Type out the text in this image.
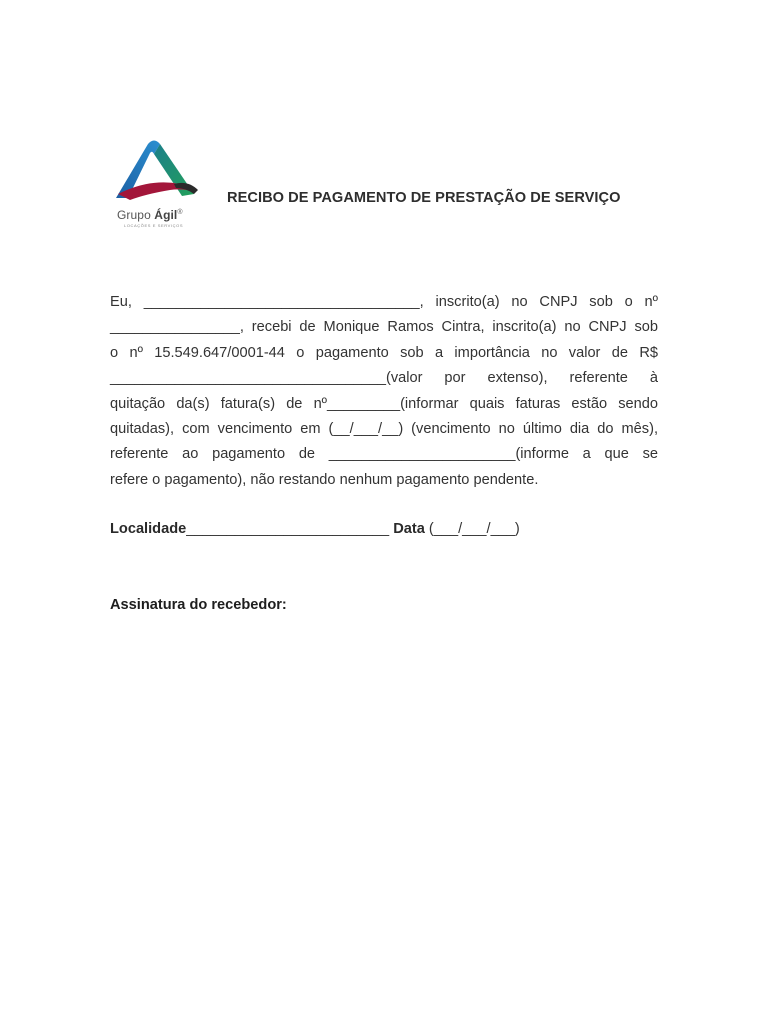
Grupo Ágil®
LOCAÇÕES E SERVIÇOS
RECIBO DE PAGAMENTO DE PRESTAÇÃO DE SERVIÇO
Eu, __________________________________, inscrito(a) no CNPJ sob o nº
________________, recebi de Monique Ramos Cintra, inscrito(a) no CNPJ sob
o nº 15.549.647/0001-44 o pagamento sob a importância no valor de R$
__________________________________(valor por extenso), referente à
quitação da(s) fatura(s) de nº_________(informar quais faturas estão sendo
quitadas), com vencimento em (__/___/__) (vencimento no último dia do mês),
referente ao pagamento de _______________________(informe a que se
refere o pagamento), não restando nenhum pagamento pendente.
Localidade_________________________ Data (___/___/___)
Assinatura do recebedor:
